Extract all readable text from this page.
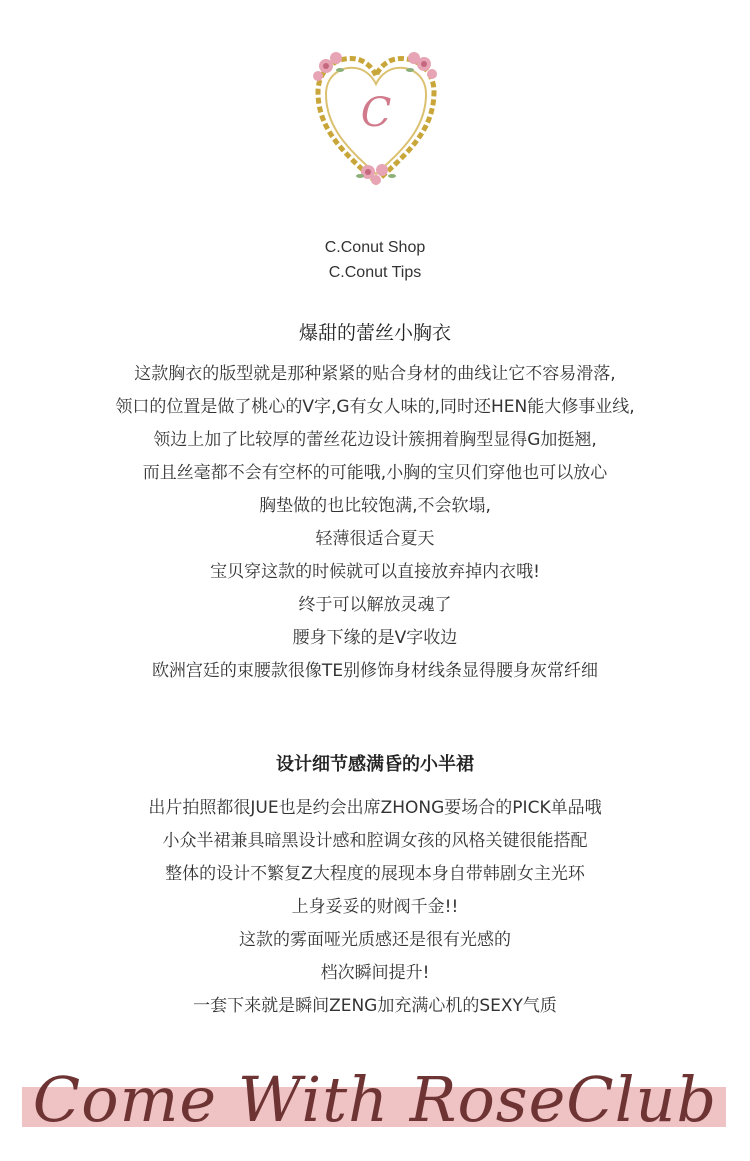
C
C.Conut Shop
C.Conut Tips
爆甜的蕾丝小胸衣

这款胸衣的版型就是那种紧紧的贴合身材的曲线让它不容易滑落,

领口的位置是做了桃心的V字,G有女人味的,同时还HEN能大修事业线,

领边上加了比较厚的蕾丝花边设计簇拥着胸型显得G加挺翘,

而且丝毫都不会有空杯的可能哦,小胸的宝贝们穿他也可以放心

胸垫做的也比较饱满,不会软塌,

轻薄很适合夏天

宝贝穿这款的时候就可以直接放弃掉内衣哦!

终于可以解放灵魂了

腰身下缘的是V字收边

欧洲宫廷的束腰款很像TE别修饰身材线条显得腰身灰常纤细

设计细节感满昏的小半裙

出片拍照都很JUE也是约会出席ZHONG要场合的PICK单品哦

小众半裙兼具暗黑设计感和腔调女孩的风格关键很能搭配

整体的设计不繁复Z大程度的展现本身自带韩剧女主光环

上身妥妥的财阀千金!!

这款的雾面哑光质感还是很有光感的

档次瞬间提升!

一套下来就是瞬间ZENG加充满心机的SEXY气质

Come With RoseClub
